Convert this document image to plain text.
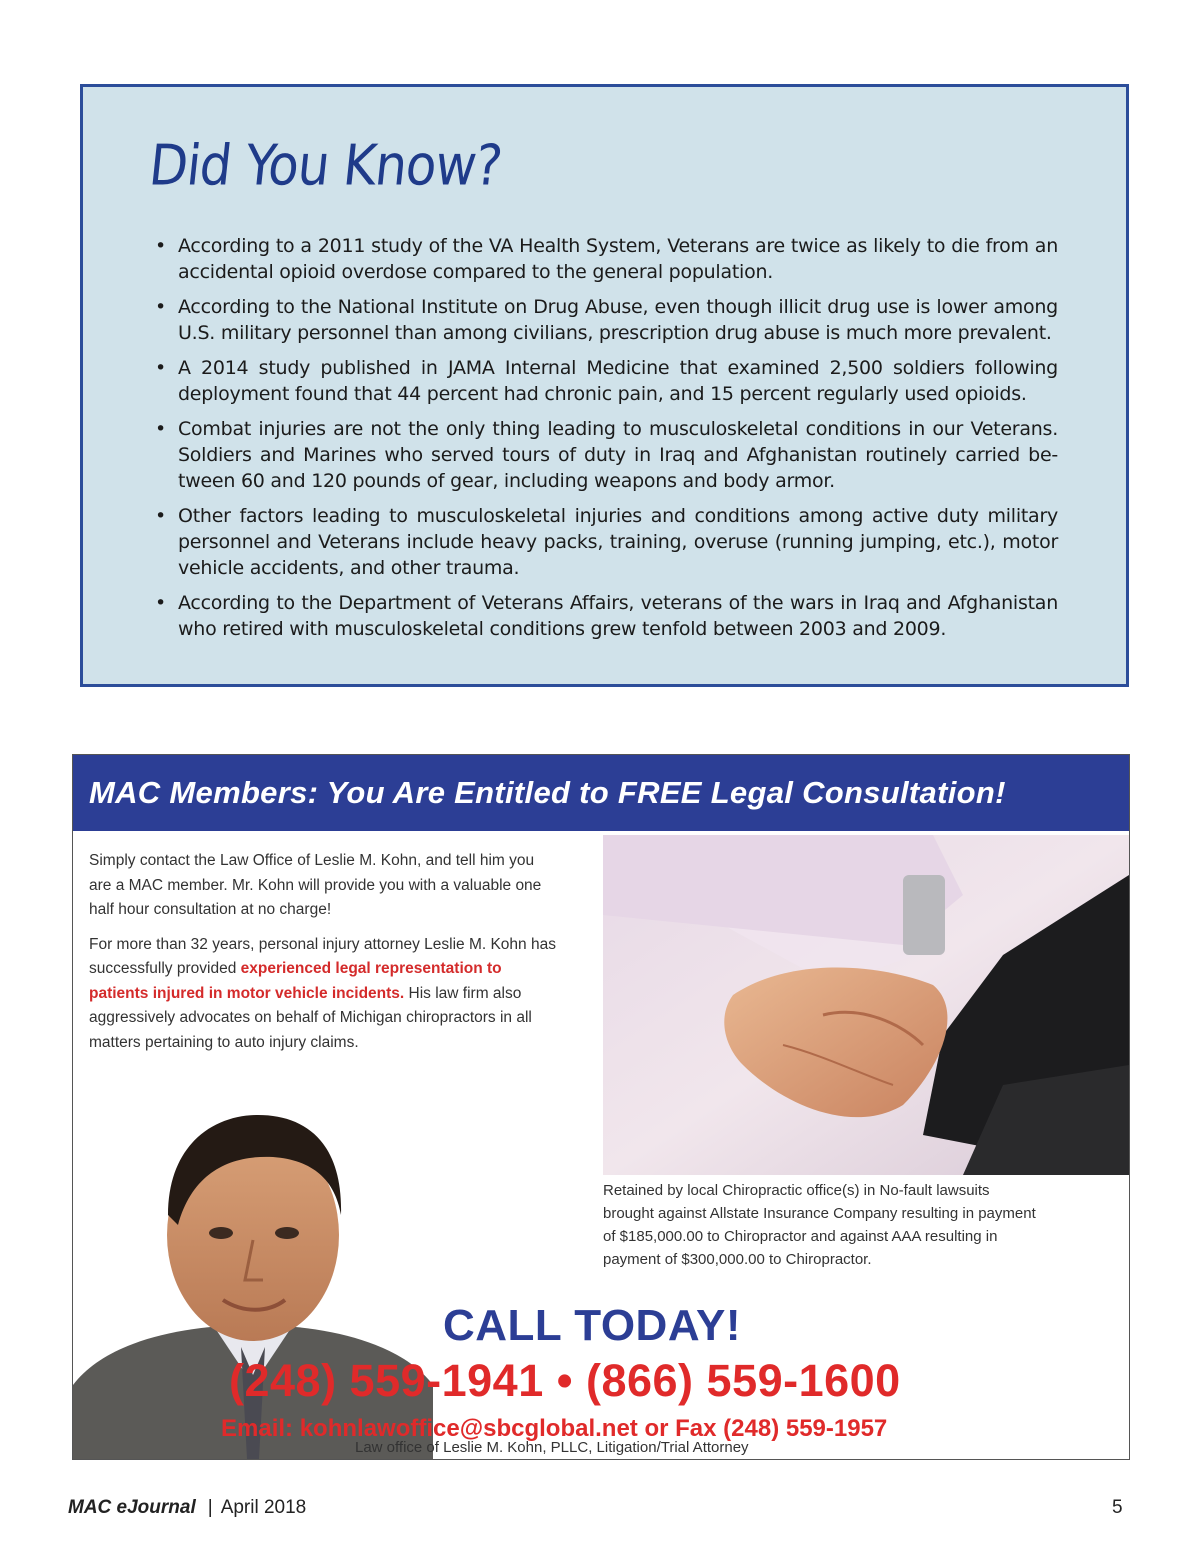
Did You Know?
• According to a 2011 study of the VA Health System, Veterans are twice as likely to die from an accidental opioid overdose compared to the general population.
• According to the National Institute on Drug Abuse, even though illicit drug use is lower among U.S. military personnel than among civilians, prescription drug abuse is much more prevalent.
• A 2014 study published in JAMA Internal Medicine that examined 2,500 soldiers following deployment found that 44 percent had chronic pain, and 15 percent regularly used opioids.
• Combat injuries are not the only thing leading to musculoskeletal conditions in our Veterans. Soldiers and Marines who served tours of duty in Iraq and Afghanistan routinely carried be-tween 60 and 120 pounds of gear, including weapons and body armor.
• Other factors leading to musculoskeletal injuries and conditions among active duty military personnel and Veterans include heavy packs, training, overuse (running jumping, etc.), motor vehicle accidents, and other trauma.
• According to the Department of Veterans Affairs, veterans of the wars in Iraq and Afghanistan who retired with musculoskeletal conditions grew tenfold between 2003 and 2009.
MAC Members: You Are Entitled to FREE Legal Consultation!

Simply contact the Law Office of Leslie M. Kohn, and tell him you are a MAC member. Mr. Kohn will provide you with a valuable one half hour consultation at no charge!

For more than 32 years, personal injury attorney Leslie M. Kohn has successfully provided experienced legal representation to patients injured in motor vehicle incidents. His law firm also aggressively advocates on behalf of Michigan chiropractors in all matters pertaining to auto injury claims.

Retained by local Chiropractic office(s) in No-fault lawsuits brought against Allstate Insurance Company resulting in payment of $185,000.00 to Chiropractor and against AAA resulting in payment of $300,000.00 to Chiropractor.
CALL TODAY!
(248) 559-1941 • (866) 559-1600
Email: kohnlawoffice@sbcglobal.net or Fax (248) 559-1957
Law office of Leslie M. Kohn, PLLC, Litigation/Trial Attorney
MAC eJournal | April 2018	5
